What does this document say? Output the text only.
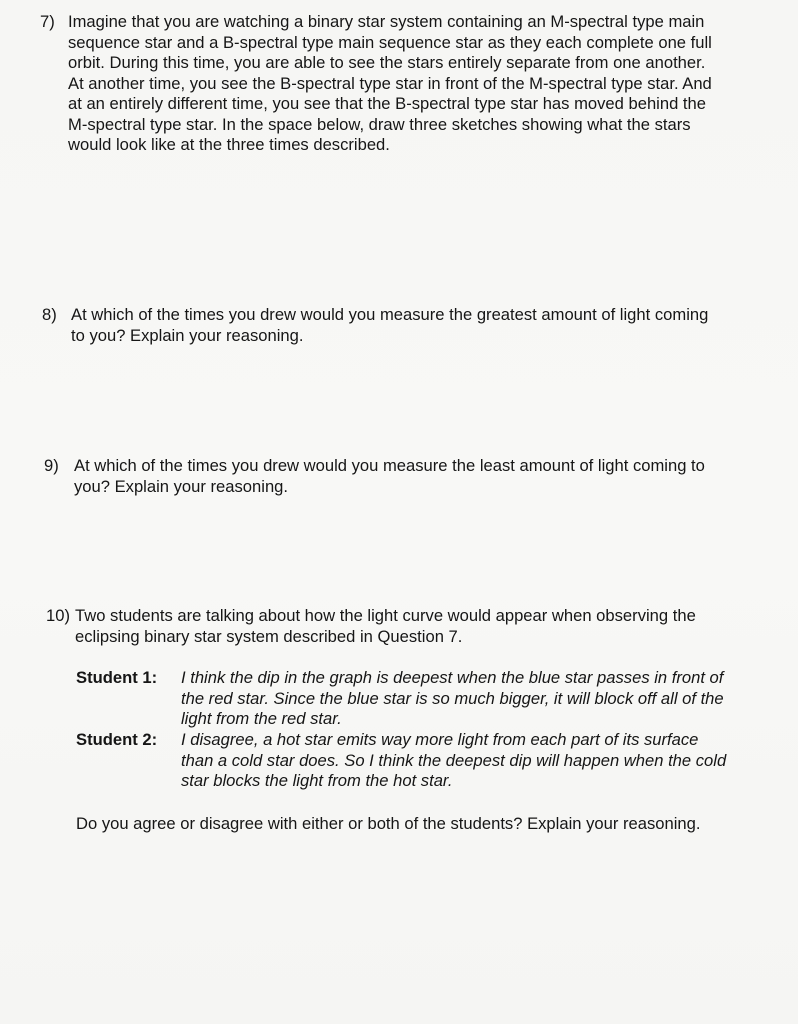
7) Imagine that you are watching a binary star system containing an M-spectral type main

sequence star and a B-spectral type main sequence star as they each complete one full

orbit. During this time, you are able to see the stars entirely separate from one another.

At another time, you see the B-spectral type star in front of the M-spectral type star. And

at an entirely different time, you see that the B-spectral type star has moved behind the

M-spectral type star. In the space below, draw three sketches showing what the stars

would look like at the three times described.

8) At which of the times you drew would you measure the greatest amount of light coming

to you? Explain your reasoning.

9) At which of the times you drew would you measure the least amount of light coming to

you? Explain your reasoning.

10) Two students are talking about how the light curve would appear when observing the

eclipsing binary star system described in Question 7.

Student 1: I think the dip in the graph is deepest when the blue star passes in front of

the red star. Since the blue star is so much bigger, it will block off all of the

light from the red star.

Student 2: I disagree, a hot star emits way more light from each part of its surface

than a cold star does. So I think the deepest dip will happen when the cold

star blocks the light from the hot star.

Do you agree or disagree with either or both of the students? Explain your reasoning.
